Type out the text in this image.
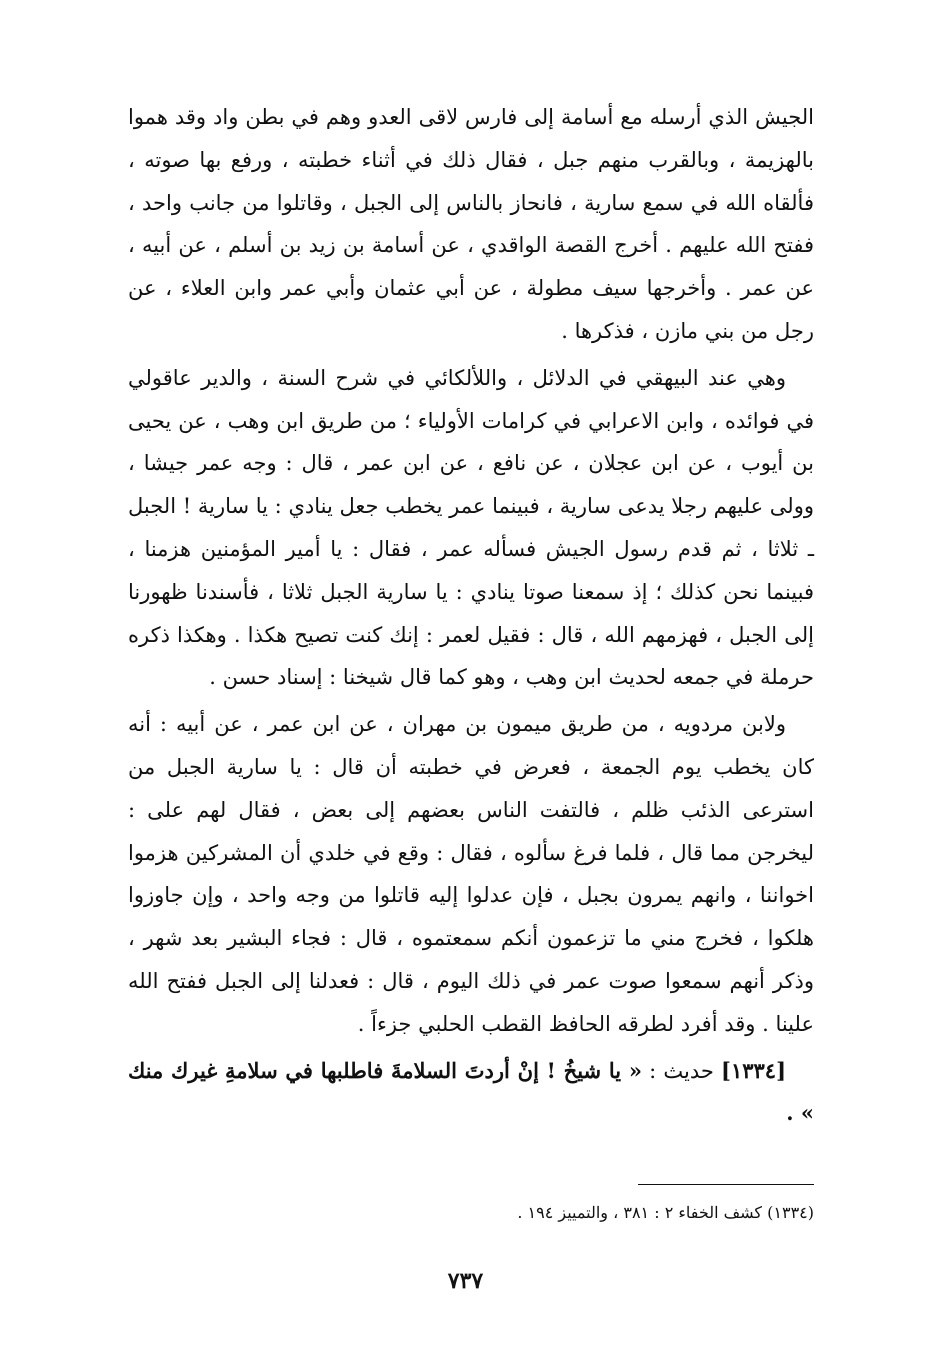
الجيش الذي أرسله مع أسامة إلى فارس لاقى العدو وهم في بطن واد وقد هموا بالهزيمة ، وبالقرب منهم جبل ، فقال ذلك في أثناء خطبته ، ورفع بها صوته ، فألقاه الله في سمع سارية ، فانحاز بالناس إلى الجبل ، وقاتلوا من جانب واحد ، ففتح الله عليهم . أخرج القصة الواقدي ، عن أسامة بن زيد بن أسلم ، عن أبيه ، عن عمر . وأخرجها سيف مطولة ، عن أبي عثمان وأبي عمر وابن العلاء ، عن رجل من بني مازن ، فذكرها .

وهي عند البيهقي في الدلائل ، واللألكائي في شرح السنة ، والدير عاقولي في فوائده ، وابن الاعرابي في كرامات الأولياء ؛ من طريق ابن وهب ، عن يحيى بن أيوب ، عن ابن عجلان ، عن نافع ، عن ابن عمر ، قال : وجه عمر جيشا ، وولى عليهم رجلا يدعى سارية ، فبينما عمر يخطب جعل ينادي : يا سارية ! الجبل ـ ثلاثا ، ثم قدم رسول الجيش فسأله عمر ، فقال : يا أمير المؤمنين هزمنا ، فبينما نحن كذلك ؛ إذ سمعنا صوتا ينادي : يا سارية الجبل ثلاثا ، فأسندنا ظهورنا إلى الجبل ، فهزمهم الله ، قال : فقيل لعمر : إنك كنت تصيح هكذا . وهكذا ذكره حرملة في جمعه لحديث ابن وهب ، وهو كما قال شيخنا : إسناد حسن .

ولابن مردويه ، من طريق ميمون بن مهران ، عن ابن عمر ، عن أبيه : أنه كان يخطب يوم الجمعة ، فعرض في خطبته أن قال : يا سارية الجبل من استرعى الذئب ظلم ، فالتفت الناس بعضهم إلى بعض ، فقال لهم على : ليخرجن مما قال ، فلما فرغ سألوه ، فقال : وقع في خلدي أن المشركين هزموا اخواننا ، وانهم يمرون بجبل ، فإن عدلوا إليه قاتلوا من وجه واحد ، وإن جاوزوا هلكوا ، فخرج مني ما تزعمون أنكم سمعتموه ، قال : فجاء البشير بعد شهر ، وذكر أنهم سمعوا صوت عمر في ذلك اليوم ، قال : فعدلنا إلى الجبل ففتح الله علينا . وقد أفرد لطرقه الحافظ القطب الحلبي جزءاً .

[١٣٣٤] حديث : « يا شيخُ ! إنْ أردتَ السلامةَ فاطلبها في سلامةِ غيرك منك » .

(١٣٣٤) كشف الخفاء ٢ : ٣٨١ ، والتمييز ١٩٤ .
٧٣٧
